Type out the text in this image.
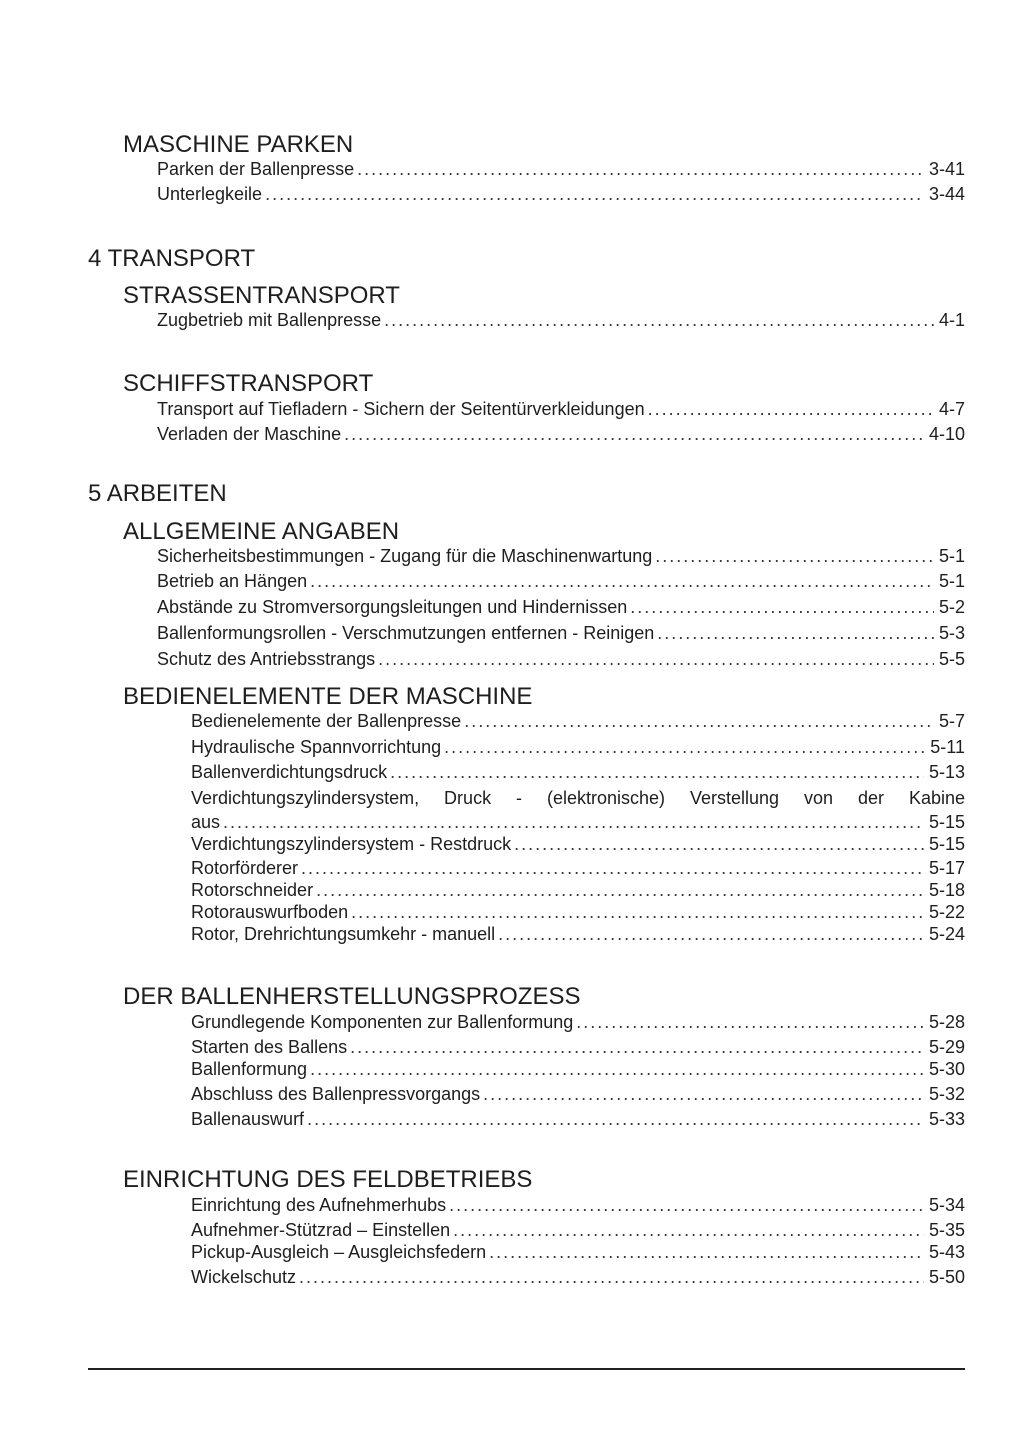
MASCHINE PARKEN
Parken der Ballenpresse .....	3-41
Unterlegkeile .....	3-44
4 TRANSPORT
STRASSENTRANSPORT
Zugbetrieb mit Ballenpresse .....	4-1
SCHIFFSTRANSPORT
Transport auf Tiefladern - Sichern der Seitentürverkleidungen .....	4-7
Verladen der Maschine .....	4-10
5 ARBEITEN
ALLGEMEINE ANGABEN
Sicherheitsbestimmungen - Zugang für die Maschinenwartung .....	5-1
Betrieb an Hängen .....	5-1
Abstände zu Stromversorgungsleitungen und Hindernissen .....	5-2
Ballenformungsrollen - Verschmutzungen entfernen - Reinigen .....	5-3
Schutz des Antriebsstrangs .....	5-5
BEDIENELEMENTE DER MASCHINE
Bedienelemente der Ballenpresse .....	5-7
Hydraulische Spannvorrichtung .....	5-11
Ballenverdichtungsdruck .....	5-13
Verdichtungszylindersystem, Druck - (elektronische) Verstellung von der Kabine
aus .....	5-15
Verdichtungszylindersystem - Restdruck .....	5-15
Rotorförderer .....	5-17
Rotorschneider .....	5-18
Rotorauswurfboden .....	5-22
Rotor, Drehrichtungsumkehr - manuell .....	5-24
DER BALLENHERSTELLUNGSPROZESS
Grundlegende Komponenten zur Ballenformung .....	5-28
Starten des Ballens .....	5-29
Ballenformung .....	5-30
Abschluss des Ballenpressvorgangs .....	5-32
Ballenauswurf .....	5-33
EINRICHTUNG DES FELDBETRIEBS
Einrichtung des Aufnehmerhubs .....	5-34
Aufnehmer-Stützrad – Einstellen .....	5-35
Pickup-Ausgleich – Ausgleichsfedern .....	5-43
Wickelschutz .....	5-50
